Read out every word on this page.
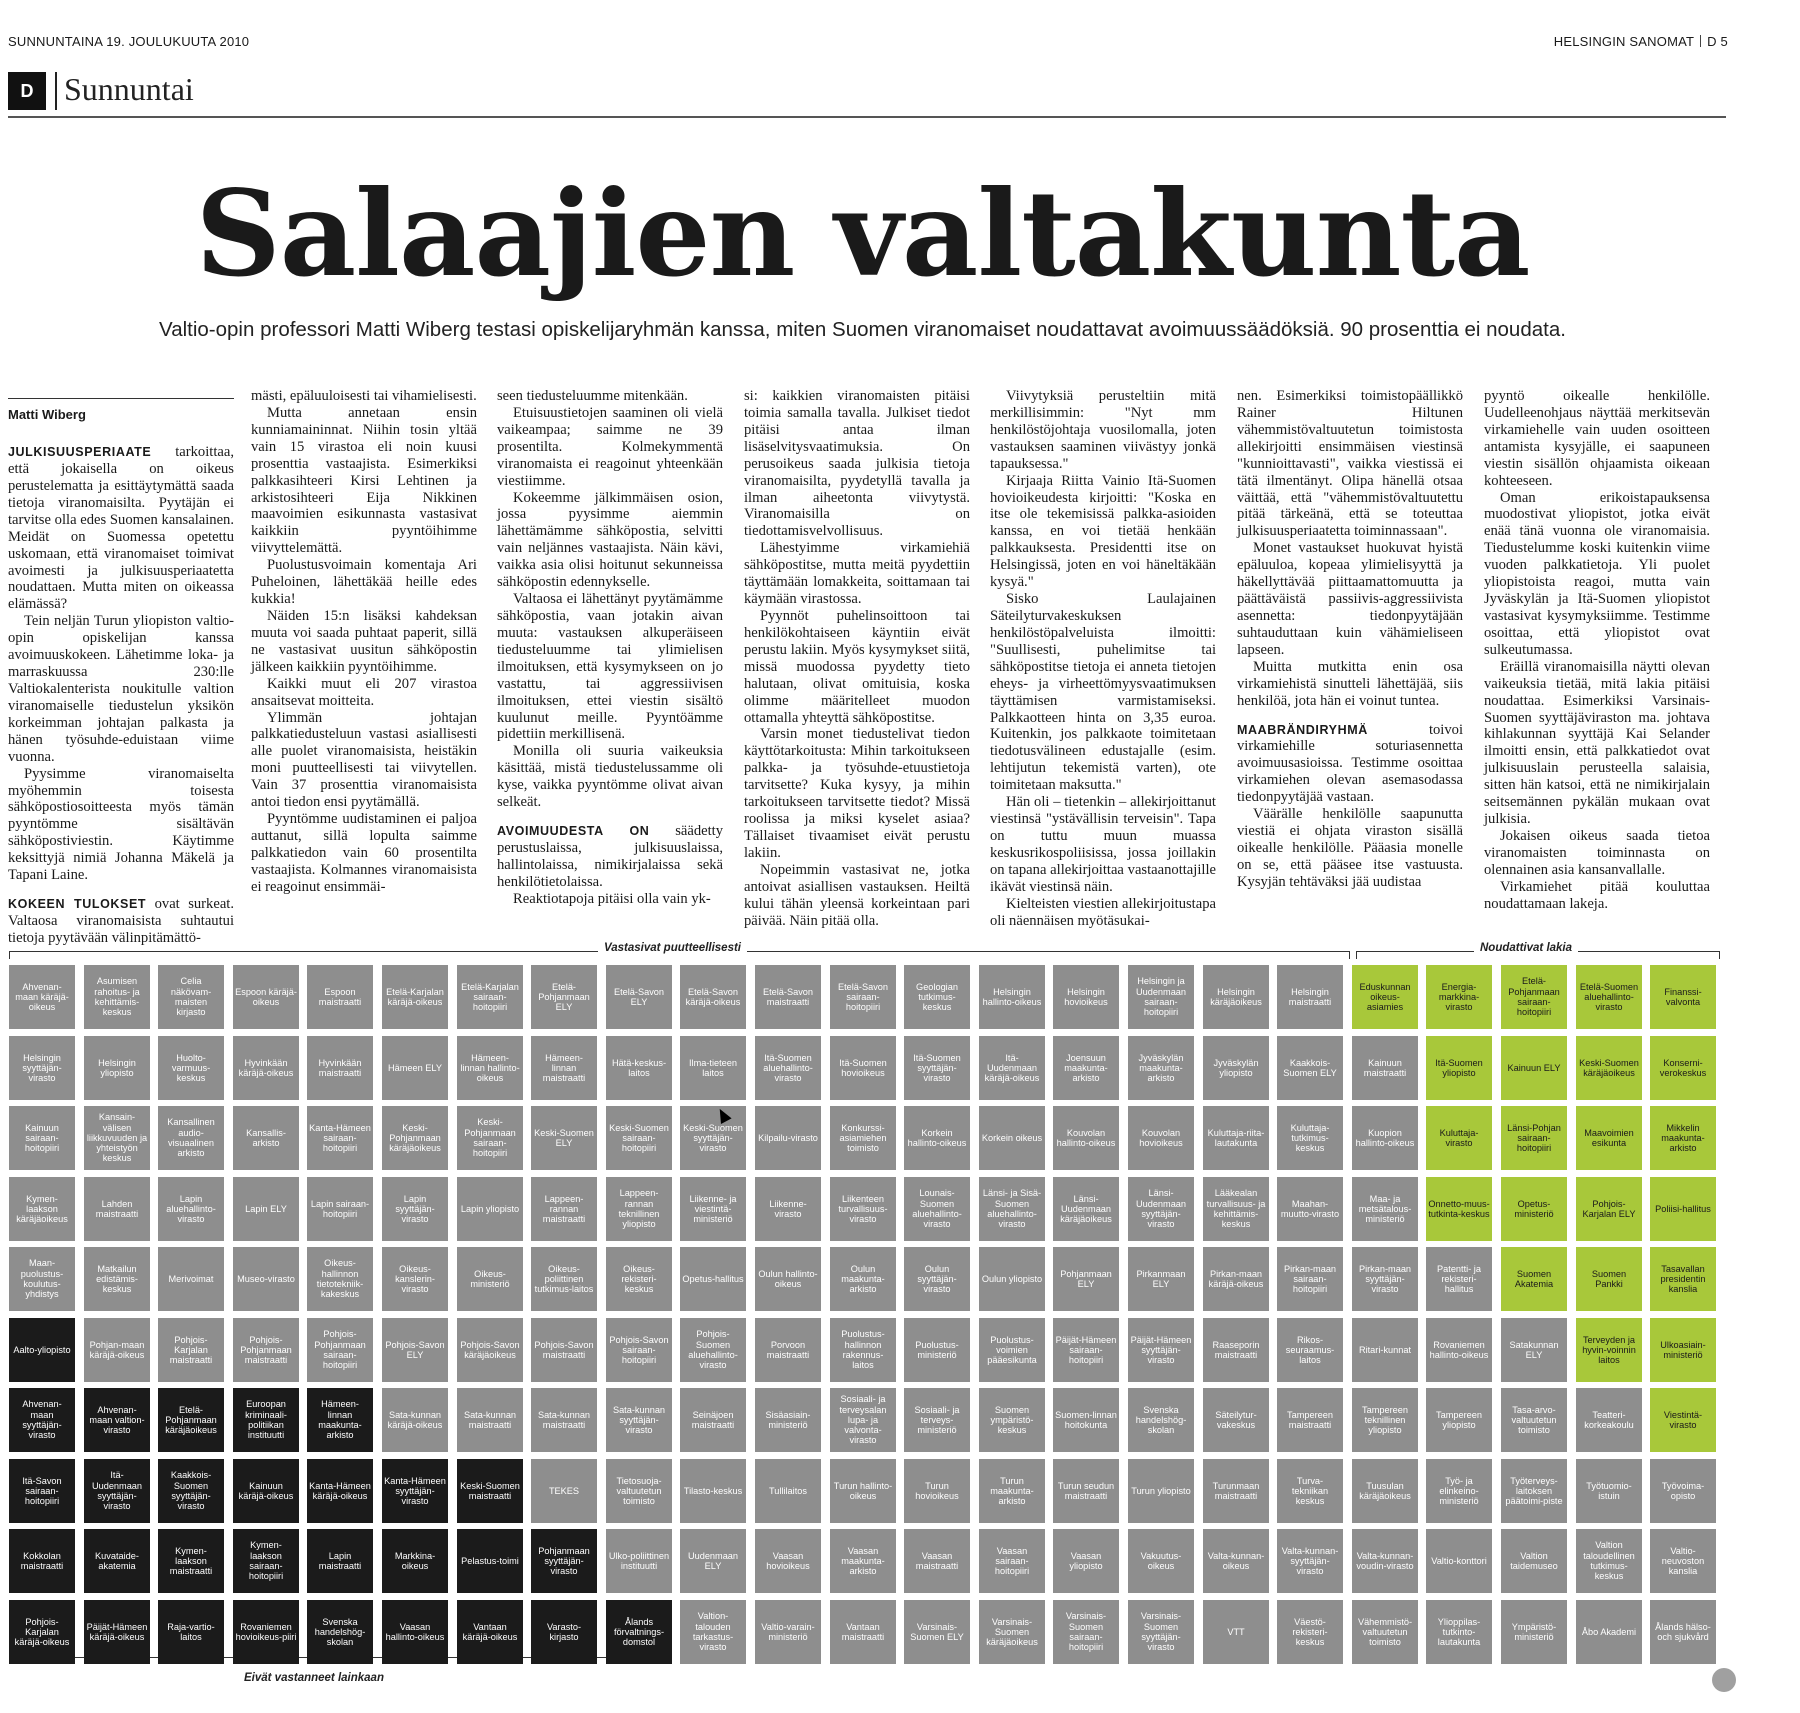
SUNNUNTAINA 19. JOULUKUUTA 2010	HELSINGIN SANOMAT D 5
D Sunnuntai
Salaajien valtakunta
Valtio-opin professori Matti Wiberg testasi opiskelijaryhmän kanssa, miten Suomen viranomaiset noudattavat avoimuussäädöksiä. 90 prosenttia ei noudata.
Matti Wiberg

JULKISUUSPERIAATE tarkoittaa, että jokaisella on oikeus perustelematta ja esittäytymättä saada tietoja viranomaisilta. Pyytäjän ei tarvitse olla edes Suomen kansalainen. Meidät on Suomessa opetettu uskomaan, että viranomaiset toimivat avoimesti ja julkisuusperiaatetta noudattaen. Mutta miten on oikeassa elämässä?

Tein neljän Turun yliopiston valtio-opin opiskelijan kanssa avoimuuskokeen. Lähetimme loka- ja marraskuussa 230:lle Valtiokalenterista noukitulle valtion viranomaiselle tiedustelun yksikön korkeimman johtajan palkasta ja hänen työsuhde-eduistaan viime vuonna.

Pyysimme viranomaiselta myöhemmin toisesta sähköpostiosoitteesta myös tämän pyyntömme sisältävän sähköpostiviestin. Käytimme keksittyjä nimiä Johanna Mäkelä ja Tapani Laine.

KOKEEN TULOKSET ovat surkeat. Valtaosa viranomaisista suhtautui tietoja pyytävään välinpitämättö-

mästi, epäluuloisesti tai vihamielisesti.

Mutta annetaan ensin kunniamaininnat. Niihin tosin yltää vain 15 virastoa eli noin kuusi prosenttia vastaajista. Esimerkiksi palkkasihteeri Kirsi Lehtinen ja arkistosihteeri Eija Nikkinen maavoimien esikunnasta vastasivat kaikkiin pyyntöihimme viivyttelemättä.

Puolustusvoimain komentaja Ari Puheloinen, lähettäkää heille edes kukkia!

Näiden 15:n lisäksi kahdeksan muuta voi saada puhtaat paperit, sillä ne vastasivat uusitun sähköpostin jälkeen kaikkiin pyyntöihimme.

Kaikki muut eli 207 virastoa ansaitsevat moitteita.

Ylimmän johtajan palkkatiedusteluun vastasi asiallisesti alle puolet viranomaisista, heistäkin moni puutteellisesti tai viivytellen. Vain 37 prosenttia viranomaisista antoi tiedon ensi pyytämällä.

Pyyntömme uudistaminen ei paljoa auttanut, sillä lopulta saimme palkkatiedon vain 60 prosentilta vastaajista. Kolmannes viranomaisista ei reagoinut ensimmäi-

seen tiedusteluumme mitenkään.

Etuisuustietojen saaminen oli vielä vaikeampaa; saimme ne 39 prosentilta. Kolmekymmentä viranomaista ei reagoinut yhteenkään viestiimme.

Kokeemme jälkimmäisen osion, jossa pyysimme aiemmin lähettämämme sähköpostia, selvitti vain neljännes vastaajista. Näin kävi, vaikka asia olisi hoitunut sekunneissa sähköpostin edennykselle.

Valtaosa ei lähettänyt pyytämämme sähköpostia, vaan jotakin aivan muuta: vastauksen alkuperäiseen tiedusteluumme tai ylimielisen ilmoituksen, että kysymykseen on jo vastattu, tai aggressiivisen ilmoituksen, ettei viestin sisältö kuulunut meille. Pyyntöämme pidettiin merkillisenä.

Monilla oli suuria vaikeuksia käsittää, mistä tiedustelussamme oli kyse, vaikka pyyntömme olivat aivan selkeät.

AVOIMUUDESTA ON säädetty perustuslaissa, julkisuuslaissa, hallintolaissa, nimikirjalaissa sekä henkilötietolaissa.

Reaktiotapoja pitäisi olla vain yk-

si: kaikkien viranomaisten pitäisi toimia samalla tavalla. Julkiset tiedot pitäisi antaa ilman lisäselvitysvaatimuksia. On perusoikeus saada julkisia tietoja viranomaisilta, pyydetyllä tavalla ja ilman aiheetonta viivytystä. Viranomaisilla on tiedottamisvelvollisuus.

Lähestyimme virkamiehiä sähköpostitse, mutta meitä pyydettiin täyttämään lomakkeita, soittamaan tai käymään virastossa.

Pyynnöt puhelinsoittoon tai henkilökohtaiseen käyntiin eivät perustu lakiin. Myös kysymykset siitä, missä muodossa pyydetty tieto halutaan, olivat omituisia, koska olimme määritelleet muodon ottamalla yhteyttä sähköpostitse.

Varsin monet tiedustelivat tiedon käyttötarkoitusta: Mihin tarkoitukseen palkka- ja työsuhde-etuustietoja tarvitsette? Kuka kysyy, ja mihin tarkoitukseen tarvitsette tiedot? Missä roolissa ja miksi kyselet asiaa? Tällaiset tivaamiset eivät perustu lakiin.

Nopeimmin vastasivat ne, jotka antoivat asiallisen vastauksen. Heiltä kului tähän yleensä korkeintaan pari päivää. Näin pitää olla.

Viivytyksiä perusteltiin mitä merkillisimmin: "Nyt mm henkilöstöjohtaja vuosilomalla, joten vastauksen saaminen viivästyy jonkä tapauksessa."

Kirjaaja Riitta Vainio Itä-Suomen hovioikeudesta kirjoitti: "Koska en itse ole tekemisissä palkka-asioiden kanssa, en voi tietää henkään palkkauksesta. Presidentti itse on Helsingissä, joten en voi häneltäkään kysyä."

Sisko Laulajainen Säteilyturvakeskuksen henkilöstöpalveluista ilmoitti: "Suullisesti, puhelimitse tai sähköpostitse tietoja ei anneta tietojen eheys- ja virheettömyysvaatimuksen täyttämisen varmistamiseksi. Palkkaotteen hinta on 3,35 euroa. Kuitenkin, jos palkkaote toimitetaan tiedotusvälineen edustajalle (esim. lehtijutun tekemistä varten), ote toimitetaan maksutta."

Hän oli – tietenkin – allekirjoittanut viestinsä "ystävällisin terveisin". Tapa on tuttu muun muassa keskusrikospoliisissa, jossa joillakin on tapana allekirjoittaa vastaanottajille ikävät viestinsä näin.

Kielteisten viestien allekirjoitustapa oli näennäisen myötäsukai-

nen. Esimerkiksi toimistopäällikkö Rainer Hiltunen vähemmistövaltuutetun toimistosta allekirjoitti ensimmäisen viestinsä "kunnioittavasti", vaikka viestissä ei tätä ilmentänyt. Olipa hänellä otsaa väittää, että "vähemmistövaltuutettu pitää tärkeänä, että se toteuttaa julkisuusperiaatetta toiminnassaan".

Monet vastaukset huokuvat hyistä epäluuloa, kopeaa ylimielisyyttä ja häkellyttävää piittaamattomuutta ja päättäväistä passiivis-aggressiivista asennetta: tiedonpyytäjään suhtauduttaan kuin vähämieliseen lapseen.

Muitta mutkitta enin osa virkamiehistä sinutteli lähettäjää, siis henkilöä, jota hän ei voinut tuntea.

MAABRÄNDIRYHMÄ toivoi virkamiehille soturiasennetta avoimuusasioissa. Testimme osoittaa virkamiehen olevan asemasodassa tiedonpyytäjää vastaan.

Väärälle henkilölle saapunutta viestiä ei ohjata viraston sisällä oikealle henkilölle. Pääasia monelle on se, että pääsee itse vastuusta. Kysyjän tehtäväksi jää uudistaa

pyyntö oikealle henkilölle. Uudelleenohjaus näyttää merkitsevän virkamiehelle vain uuden osoitteen antamista kysyjälle, ei saapuneen viestin sisällön ohjaamista oikeaan kohteeseen.

Oman erikoistapauksensa muodostivat yliopistot, jotka eivät enää tänä vuonna ole viranomaisia. Tiedustelumme koski kuitenkin viime vuoden palkkatietoja. Yli puolet yliopistoista reagoi, mutta vain Jyväskylän ja Itä-Suomen yliopistot vastasivat kysymyksiimme. Testimme osoittaa, että yliopistot ovat sulkeutumassa.

Eräillä viranomaisilla näytti olevan vaikeuksia tietää, mitä lakia pitäisi noudattaa. Esimerkiksi Varsinais-Suomen syyttäjäviraston ma. johtava kihlakunnan syyttäjä Kai Selander ilmoitti ensin, että palkkatiedot ovat julkisuuslain perusteella salaisia, sitten hän katsoi, että ne nimikirjalain seitsemännen pykälän mukaan ovat julkisia.

Jokaisen oikeus saada tietoa viranomaisten toiminnasta on olennainen asia kansanvallalle.

Virkamiehet pitää kouluttaa noudattamaan lakeja.

Vastasivat puutteellisesti	Noudattivat lakia
Eivät vastanneet lainkaan
Ahvenan-maan käräjä-oikeus
Asumisen rahoitus- ja kehittämis-keskus
Celia näkövam-maisten kirjasto
Espoon käräjä-oikeus
Espoon maistraatti
Etelä-Karjalan käräjä-oikeus
Etelä-Karjalan sairaan-hoitopiiri
Etelä-Pohjanmaan ELY
Etelä-Savon ELY
Etelä-Savon käräjä-oikeus
Etelä-Savon maistraatti
Etelä-Savon sairaan-hoitopiiri
Geologian tutkimus-keskus
Helsingin hallinto-oikeus
Helsingin hovioikeus
Helsingin ja Uudenmaan sairaan-hoitopiiri
Helsingin käräjäoikeus
Helsingin maistraatti
Eduskunnan oikeus-asiamies
Energia-markkina-virasto
Etelä-Pohjanmaan sairaan-hoitopiiri
Etelä-Suomen aluehallinto-virasto
Finanssi-valvonta
Helsingin syyttäjän-virasto
Helsingin yliopisto
Huolto-varmuus-keskus
Hyvinkään käräjä-oikeus
Hyvinkään maistraatti
Hämeen ELY
Hämeen-linnan hallinto-oikeus
Hämeen-linnan maistraatti
Hätä-keskus-laitos
Ilma-tieteen laitos
Itä-Suomen aluehallinto-virasto
Itä-Suomen hovioikeus
Itä-Suomen syyttäjän-virasto
Itä-Uudenmaan käräjä-oikeus
Joensuun maakunta-arkisto
Jyväskylän maakunta-arkisto
Jyväskylän yliopisto
Kaakkois-Suomen ELY
Kainuun maistraatti
Itä-Suomen yliopisto
Kainuun ELY
Keski-Suomen käräjäoikeus
Konserni-verokeskus
Kainuun sairaan-hoitopiiri
Kansain-välisen liikkuvuuden ja yhteistyön keskus
Kansallinen audio-visuaalinen arkisto
Kansallis-arkisto
Kanta-Hämeen sairaan-hoitopiiri
Keski-Pohjanmaan käräjäoikeus
Keski-Pohjanmaan sairaan-hoitopiiri
Keski-Suomen ELY
Keski-Suomen sairaan-hoitopiiri
Keski-Suomen syyttäjän-virasto
Kilpailu-virasto
Konkurssi-asiamiehen toimisto
Korkein hallinto-oikeus
Korkein oikeus
Kouvolan hallinto-oikeus
Kouvolan hovioikeus
Kuluttaja-riita-lautakunta
Kuluttaja-tutkimus-keskus
Kuopion hallinto-oikeus
Kuluttaja-virasto
Länsi-Pohjan sairaan-hoitopiiri
Maavoimien esikunta
Mikkelin maakunta-arkisto
Kymen-laakson käräjäoikeus
Lahden maistraatti
Lapin aluehallinto-virasto
Lapin ELY
Lapin sairaan-hoitopiiri
Lapin syyttäjän-virasto
Lapin yliopisto
Lappeen-rannan maistraatti
Lappeen-rannan teknillinen yliopisto
Liikenne- ja viestintä-ministeriö
Liikenne-virasto
Liikenteen turvallisuus-virasto
Lounais-Suomen aluehallinto-virasto
Länsi- ja Sisä-Suomen aluehallinto-virasto
Länsi-Uudenmaan käräjäoikeus
Länsi-Uudenmaan syyttäjän-virasto
Lääkealan turvallisuus- ja kehittämis-keskus
Maahan-muutto-virasto
Maa- ja metsätalous-ministeriö
Onnetto-muus-tutkinta-keskus
Opetus-ministeriö
Pohjois-Karjalan ELY
Poliisi-hallitus
Maan-puolustus-koulutus-yhdistys
Matkailun edistämis-keskus
Merivoimat	Museo-virasto
Oikeus-hallinnon tietotekniik-kakeskus
Oikeus-kanslerin-virasto
Oikeus-ministeriö
Oikeus-poliittinen tutkimus-laitos
Oikeus-rekisteri-keskus
Opetus-hallitus
Oulun hallinto-oikeus
Oulun maakunta-arkisto
Oulun syyttäjän-virasto
Oulun yliopisto
Pohjanmaan ELY
Pirkanmaan ELY
Pirkan-maan käräjä-oikeus
Pirkan-maan sairaan-hoitopiiri
Pirkan-maan syyttäjän-virasto
Patentti- ja rekisteri-hallitus
Suomen Akatemia
Suomen Pankki
Tasavallan presidentin kanslia
Aalto-yliopisto
Pohjan-maan käräjä-oikeus
Pohjois-Karjalan maistraatti
Pohjois-Pohjanmaan maistraatti
Pohjois-Pohjanmaan sairaan-hoitopiiri
Pohjois-Savon ELY
Pohjois-Savon käräjäoikeus
Pohjois-Savon maistraatti
Pohjois-Savon sairaan-hoitopiiri
Pohjois-Suomen aluehallinto-virasto
Porvoon maistraatti
Puolustus-hallinnon rakennus-laitos
Puolustus-ministeriö
Puolustus-voimien pääesikunta
Päijät-Hämeen sairaan-hoitopiiri
Päijät-Hämeen syyttäjän-virasto
Raaseporin maistraatti
Rikos-seuraamus-laitos
Ritari-kunnat
Rovaniemen hallinto-oikeus
Satakunnan ELY
Terveyden ja hyvin-voinnin laitos
Ulkoasiain-ministeriö
Ahvenan-maan syyttäjän-virasto
Ahvenan-maan valtion-virasto
Etelä-Pohjanmaan käräjäoikeus
Euroopan kriminaali-politiikan instituutti
Hämeen-linnan maakunta-arkisto
Sata-kunnan käräjä-oikeus
Sata-kunnan maistraatti
Sata-kunnan maistraatti
Sata-kunnan syyttäjän-virasto
Seinäjoen maistraatti
Sisäasiain-ministeriö
Sosiaali- ja terveysalan lupa- ja valvonta-virasto
Sosiaali- ja terveys-ministeriö
Suomen ympäristö-keskus
Suomen-linnan hoitokunta
Svenska handelshög-skolan
Säteilytur-vakeskus
Tampereen maistraatti
Tampereen teknillinen yliopisto
Tampereen yliopisto
Tasa-arvo-valtuutetun toimisto
Teatteri-korkeakoulu
Viestintä-virasto
Itä-Savon sairaan-hoitopiiri
Itä-Uudenmaan syyttäjän-virasto
Kaakkois-Suomen syyttäjän-virasto
Kainuun käräjä-oikeus
Kanta-Hämeen käräjä-oikeus
Kanta-Hämeen syyttäjän-virasto
Keski-Suomen maistraatti
TEKES
Tietosuoja-valtuutetun toimisto
Tilasto-keskus	Tullilaitos
Turun hallinto-oikeus
Turun hovioikeus
Turun maakunta-arkisto
Turun seudun maistraatti
Turun yliopisto
Turunmaan maistraatti
Turva-tekniikan keskus
Tuusulan käräjäoikeus
Työ- ja elinkeino-ministeriö
Työterveys-laitoksen päätoimi-piste
Työtuomio-istuin
Työvoima-opisto
Kokkolan maistraatti
Kuvataide-akatemia
Kymen-laakson maistraatti
Kymen-laakson sairaan-hoitopiiri
Lapin maistraatti
Markkina-oikeus
Pelastus-toimi
Pohjanmaan syyttäjän-virasto
Ulko-poliittinen instituutti
Uudenmaan ELY
Vaasan hovioikeus
Vaasan maakunta-arkisto
Vaasan maistraatti
Vaasan sairaan-hoitopiiri
Vaasan yliopisto
Vakuutus-oikeus
Valta-kunnan-oikeus
Valta-kunnan-syyttäjän-virasto
Valta-kunnan-voudin-virasto
Valtio-konttori
Valtion taidemuseo
Valtion taloudellinen tutkimus-keskus
Valtio-neuvoston kanslia
Pohjois-Karjalan käräjä-oikeus
Päijät-Hämeen käräjä-oikeus
Raja-vartio-laitos
Rovaniemen hovioikeus-piiri
Svenska handelshög-skolan
Vaasan hallinto-oikeus
Vantaan käräjä-oikeus
Varasto-kirjasto
Ålands förvaltnings-domstol
Valtion-talouden tarkastus-virasto
Valtio-varain-ministeriö
Vantaan maistraatti
Varsinais-Suomen ELY
Varsinais-Suomen käräjäoikeus
Varsinais-Suomen sairaan-hoitopiiri
Varsinais-Suomen syyttäjän-virasto
VTT
Väestö-rekisteri-keskus
Vähemmistö-valtuutetun toimisto
Ylioppilas-tutkinto-lautakunta
Ympäristö-ministeriö
Åbo Akademi
Ålands hälso- och sjukvård
